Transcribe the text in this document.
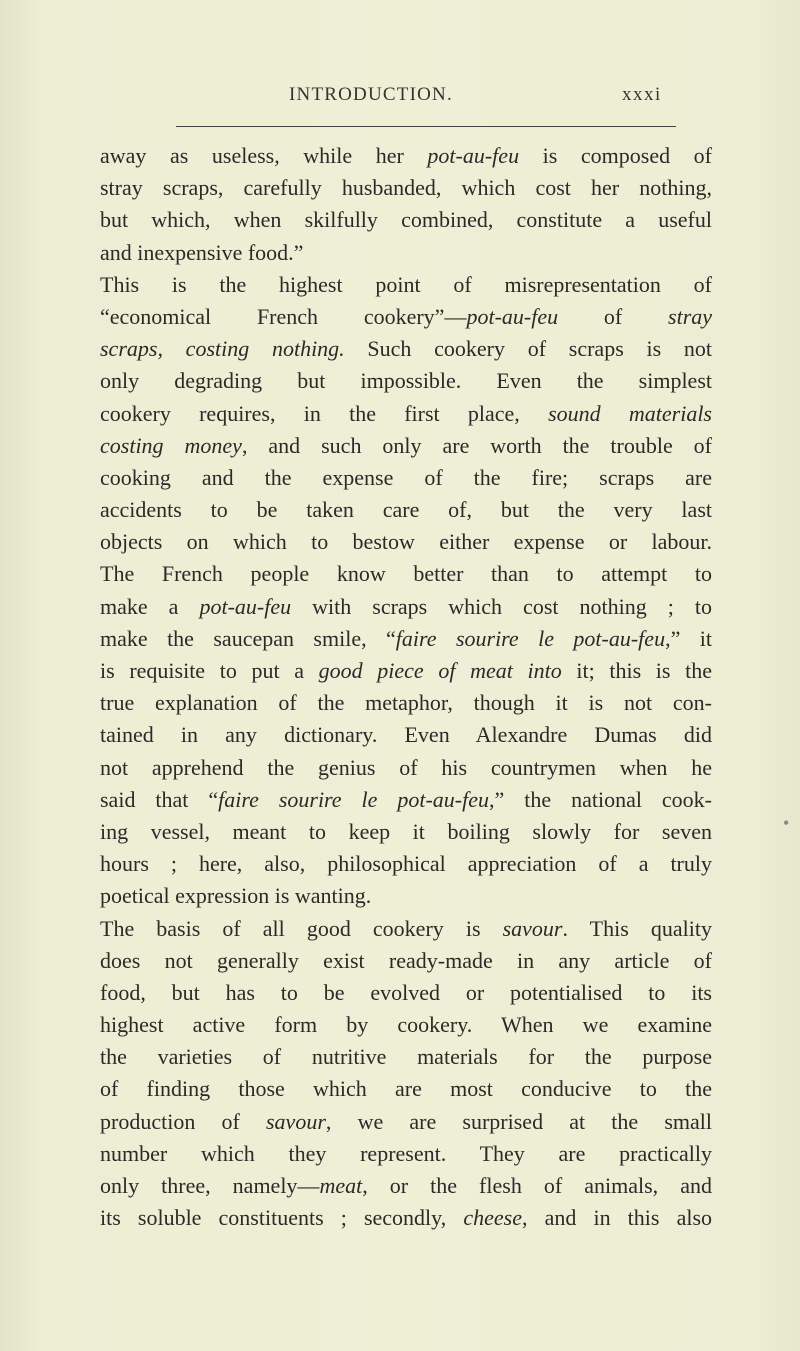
INTRODUCTION.	xxxi
away as useless, while her pot-au-feu is composed of
stray scraps, carefully husbanded, which cost her nothing,
but which, when skilfully combined, constitute a useful
and inexpensive food.”
This is the highest point of misrepresentation of
“economical French cookery”—pot-au-feu of stray
scraps, costing nothing. Such cookery of scraps is not
only degrading but impossible. Even the simplest
cookery requires, in the first place, sound materials
costing money, and such only are worth the trouble of
cooking and the expense of the fire; scraps are
accidents to be taken care of, but the very last
objects on which to bestow either expense or labour.
The French people know better than to attempt to
make a pot-au-feu with scraps which cost nothing ; to
make the saucepan smile, “faire sourire le pot-au-feu,” it
is requisite to put a good piece of meat into it; this is the
true explanation of the metaphor, though it is not con-
tained in any dictionary. Even Alexandre Dumas did
not apprehend the genius of his countrymen when he
said that “faire sourire le pot-au-feu,” the national cook-
ing vessel, meant to keep it boiling slowly for seven
hours ; here, also, philosophical appreciation of a truly
poetical expression is wanting.
The basis of all good cookery is savour. This quality
does not generally exist ready-made in any article of
food, but has to be evolved or potentialised to its
highest active form by cookery. When we examine
the varieties of nutritive materials for the purpose
of finding those which are most conducive to the
production of savour, we are surprised at the small
number which they represent. They are practically
only three, namely—meat, or the flesh of animals, and
its soluble constituents ; secondly, cheese, and in this also
•
